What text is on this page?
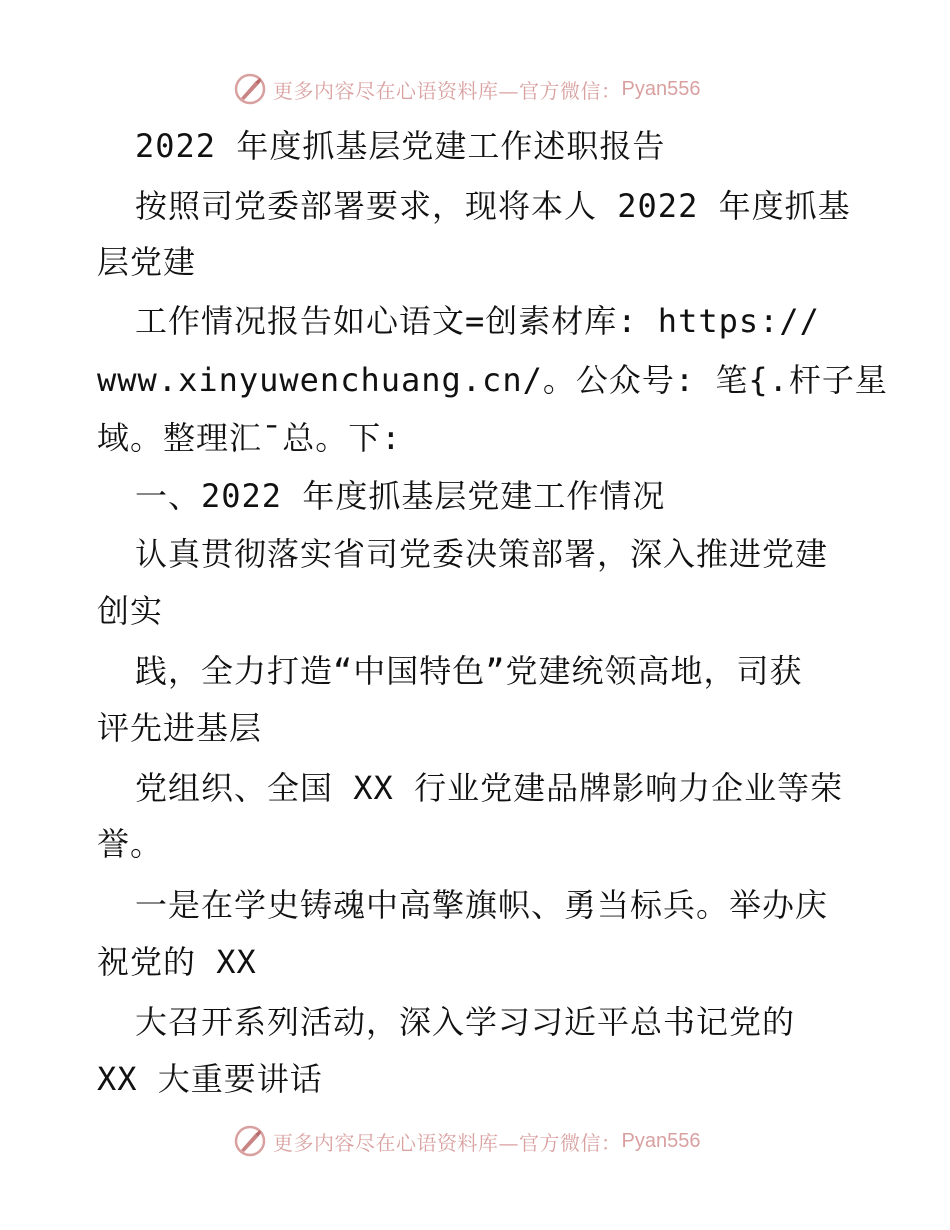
更多内容尽在心语资料库—官方微信： Pyan556
2022 年度抓基层党建工作述职报告
按照司党委部署要求，现将本人 2022 年度抓基
层党建
工作情况报告如心语文=创素材库: https://
www.xinyuwenchuang.cn/。公众号: 笔{.杆子星
域。整理汇¯总。下:
一、2022 年度抓基层党建工作情况
认真贯彻落实省司党委决策部署，深入推进党建
创实
践，全力打造“中国特色”党建统领高地，司获
评先进基层
党组织、全国 XX 行业党建品牌影响力企业等荣
誉。
一是在学史铸魂中高擎旗帜、勇当标兵。举办庆
祝党的 XX
大召开系列活动，深入学习习近平总书记党的
XX 大重要讲话
更多内容尽在心语资料库—官方微信： Pyan556
